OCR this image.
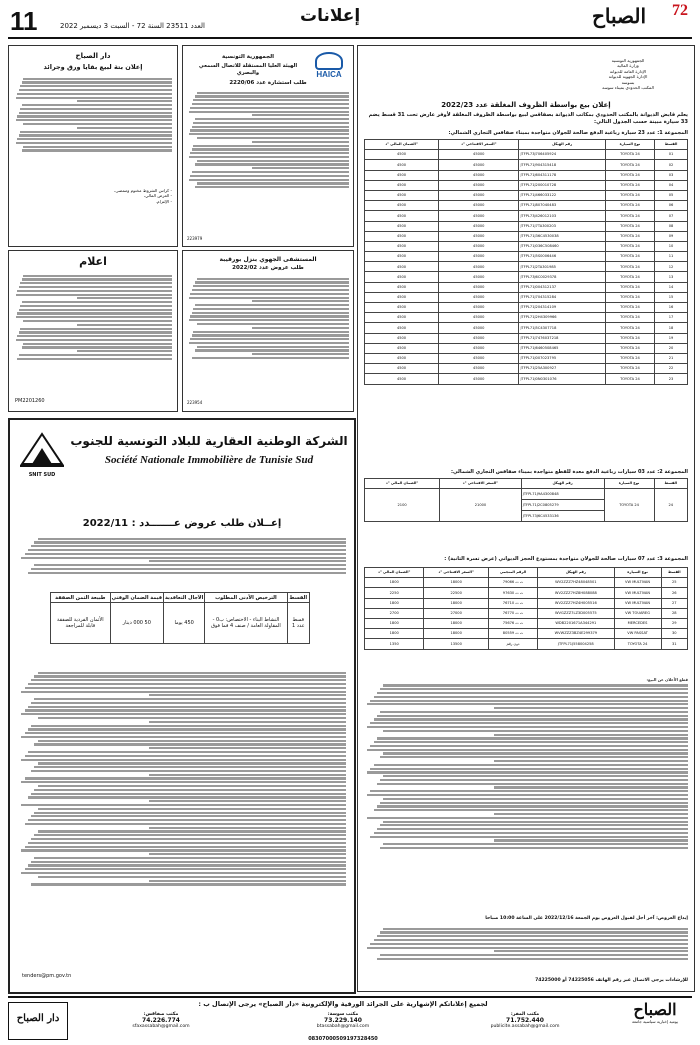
11	العدد 23511 السنة 72 - السبت 3 ديسمبر 2022	إعلانات	72
الصباح
الجمهورية التونسية
وزارة المالية
الإدارة العامة للديوانة
الإدارة الجهوية للديوانة
بسوسة
المكتب الحدودي بميناء سوسة
إعلان بيع بواسطة الظروف المغلقة عدد 2022/23
يعلم قابض الديوانة بالمكتب الحدودي بمكاتب الديوانة بصفاقس لبيع بواسطة الظروف المغلقة لأوفر عارض تحت 31 قسط يضم 33 سيارة مبينة حسب الجدول التالي:
المجموعة 1: عدد 23 سيارة رباعية الدفع صالحة للجولان متواجدة بميناء صفاقس التجاري الشمالي:
الضمان المالي "د"	السعر الافتتاحي "د"	رقم الهيكل	نوع السيارة	القسط
4500	45000	JTFPL73J706405924	TOYOTA 24	01
4500	45000	JTFPL71J904315418	TOYOTA 24	02
4500	45000	JTFPL71J604311178	TOYOTA 24	03
4500	45000	JTFPL71J200010728	TOYOTA 24	04
4500	45000	JTFPL71J466033122	TOYOTA 24	05
4500	45000	JTFPL71J807040483	TOYOTA 24	06
4500	45000	JTFPL73J426012103	TOYOTA 24	07
4500	45000	JTFPL71J7TA300203	TOYOTA 24	08
4500	45000	JTFPL71J36C4530038	TOYOTA 24	09
4500	45000	JTFPL71J036C508460	TOYOTA 24	10
4500	45000	JTFPL71J5S0006446	TOYOTA 24	11
4500	45000	JTFPL71J2TA301985	TOYOTA 24	12
4500	45000	JTFPL73J6C0029378	TOYOTA 24	13
4500	45000	JTFPL71J004312137	TOYOTA 24	14
4500	45000	JTFPL71J704315284	TOYOTA 24	15
4500	45000	JTFPL71J204314109	TOYOTA 24	16
4500	45000	JTFPL71J2H4309966	TOYOTA 24	17
4500	45000	JTFPL71J5C4307718	TOYOTA 24	18
4500	45000	JTFPL71J7476037218	TOYOTA 24	19
4500	45000	JTFPL71J6460508465	TOYOTA 24	20
4500	45000	JTFPL71J007023795	TOYOTA 24	21
4500	45000	JTFPL71J25A300927	TOYOTA 24	22
4500	45000	JTFPL71J0N0301076	TOYOTA 24	23
المجموعة 2: عدد 03 سيارات رباعية الدفع معدة للقطع متواجدة بميناء صفاقس التجاري الشمالي:
الضمان المالي "د"	السعر الافتتاحي "د"	رقم الهيكل	نوع السيارة	القسط
2100	21000	JTFPL71J9A4300848	TOYOTA 24	24
		JTFPL71J2C0805279		
		JTFPL73J6C4533136		
المجموعة 3: عدد 07 سيارات صالحة للجولان متواجدة بمستودع الحجز الديواني (عرض تسرة الثانية) :
الضمان المالي "د"	السعر الافتتاحي "د"	الرقم المنجمي	رقم الهيكل	نوع السيارة	القسط
1800	18000	79066 ت ت	WV2ZZZ7HZ48048501	VW MULTIVAN	25
2250	22500	97630 ت ت	WV2ZZZ7HZ8H088088	VW MULTIVAN	26
1800	18000	76710 ت ت	WV2ZZZ7HZ4H005516	VW MULTIVAN	27
2700	27000	76770 ت ت	WVGZZZ7LZ3D005575	VW TOUAREG	28
1800	18000	75676 ت ت	WDB2201671A344291	MERCEDES	29
1800	18000	80559 ت ت	WVWZZZ3BZ4E299379	VW PASSAT	30
1350	13500	دون رقم	JTFPL71J558004258	TOYOTA 24	31
قطع الأعلان عن البيع:
إيداع العروض: آخر أجل لقبول العروض يوم الجمعة 2022/12/16 على الساعة 10:00 صباحا
للإرشادات يرجى الاتصال عبر رقم الهاتف 74225056 أو 74225000
HAICA
الجمهورية التونسية
الهيئة العليا المستقلة للاتصال السمعي والبصري
طلب استشارة عدد 2220/06
223979
دار الصباح
إعلان بتة لبيع بقايا ورق وجرائد
- كراس الشروط مختوم وممضى،
- العرض المالي،
- الإلتزام.
المستشفى الجهوي بنزل بورقيبة
طلب عروض عدد 2022/02
223954
اعلام
PM2201260
SNIT SUD
الشركة الوطنية العقارية للبلاد التونسية للجنوب
Société Nationale Immobilière de Tunisie Sud
إعــلان طلب عروض عـــــــدد : 2022/11
القسط	الترخيص الأدنى المطلوب	الآجال التعاقدية	قيمة الضمان الوقتي	طبيعة الثمن الصفقة
قسط عدد 1	النشاط البناء - الاختصاص: ب0 - المقاولة العامة / صنف 4 فما فوق	450 يوما	50 000 دينار	الأثمان الفردية للصفقة قابلة للمراجعة
tenders@pm.gov.tn
لجميع إعلاناتكم الإشهارية على الجرائد الورقية والإلكترونية «دار الصباح» يرجى الإتصال ب :	الصباح
يومية إخبارية سياسية جامعة
دار الصباح	مكتب المقر:
71.752.440
publicite.assabah@gmail.com
مكتب سوسة:
73.229.140
btassabah@gmail.com
مكتب صفاقس:
74.226.774
sfaxassabah@gmail.com
08307000509197328450
